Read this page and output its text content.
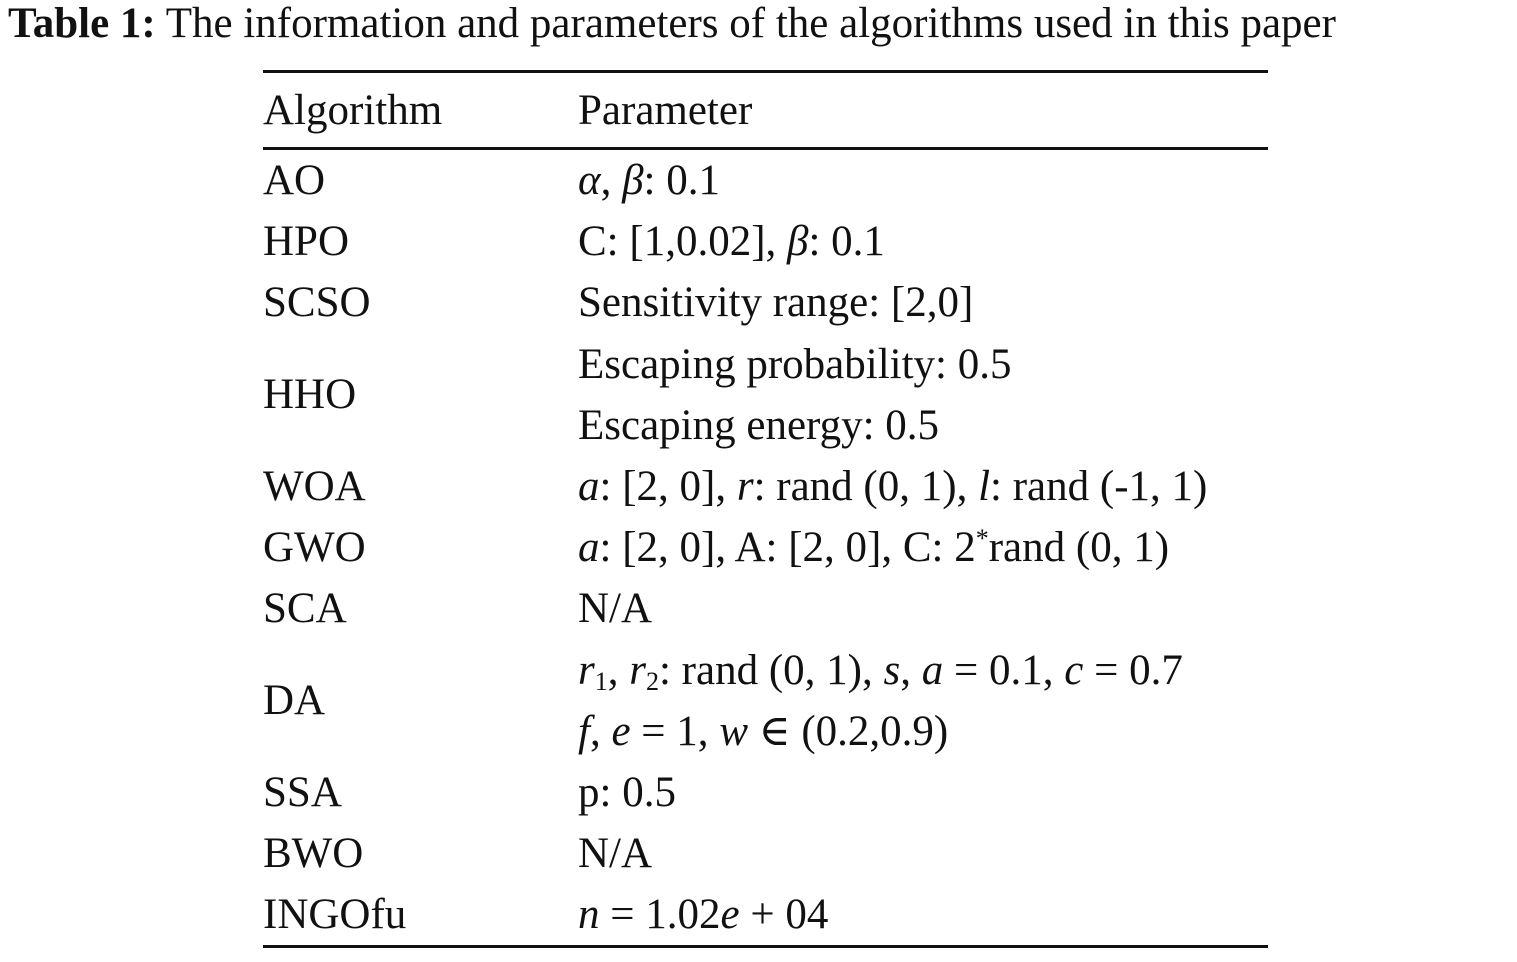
Table 1: The information and parameters of the algorithms used in this paper
Algorithm	Parameter
AO	α, β: 0.1

HPO	C: [1,0.02], β: 0.1

SCSO	Sensitivity range: [2,0]

HHO	Escaping probability: 0.5
Escaping energy: 0.5

WOA	a: [2, 0], r: rand (0, 1), l: rand (-1, 1)

GWO	a: [2, 0], A: [2, 0], C: 2*rand (0, 1)

SCA	N/A

DA	$r_1$, $r_2$: rand (0, 1), s, a = 0.1, c = 0.7
f, e = 1, w ∈ (0.2,0.9)

SSA	p: 0.5

BWO	N/A

INGOfu	n = 1.02e + 04
